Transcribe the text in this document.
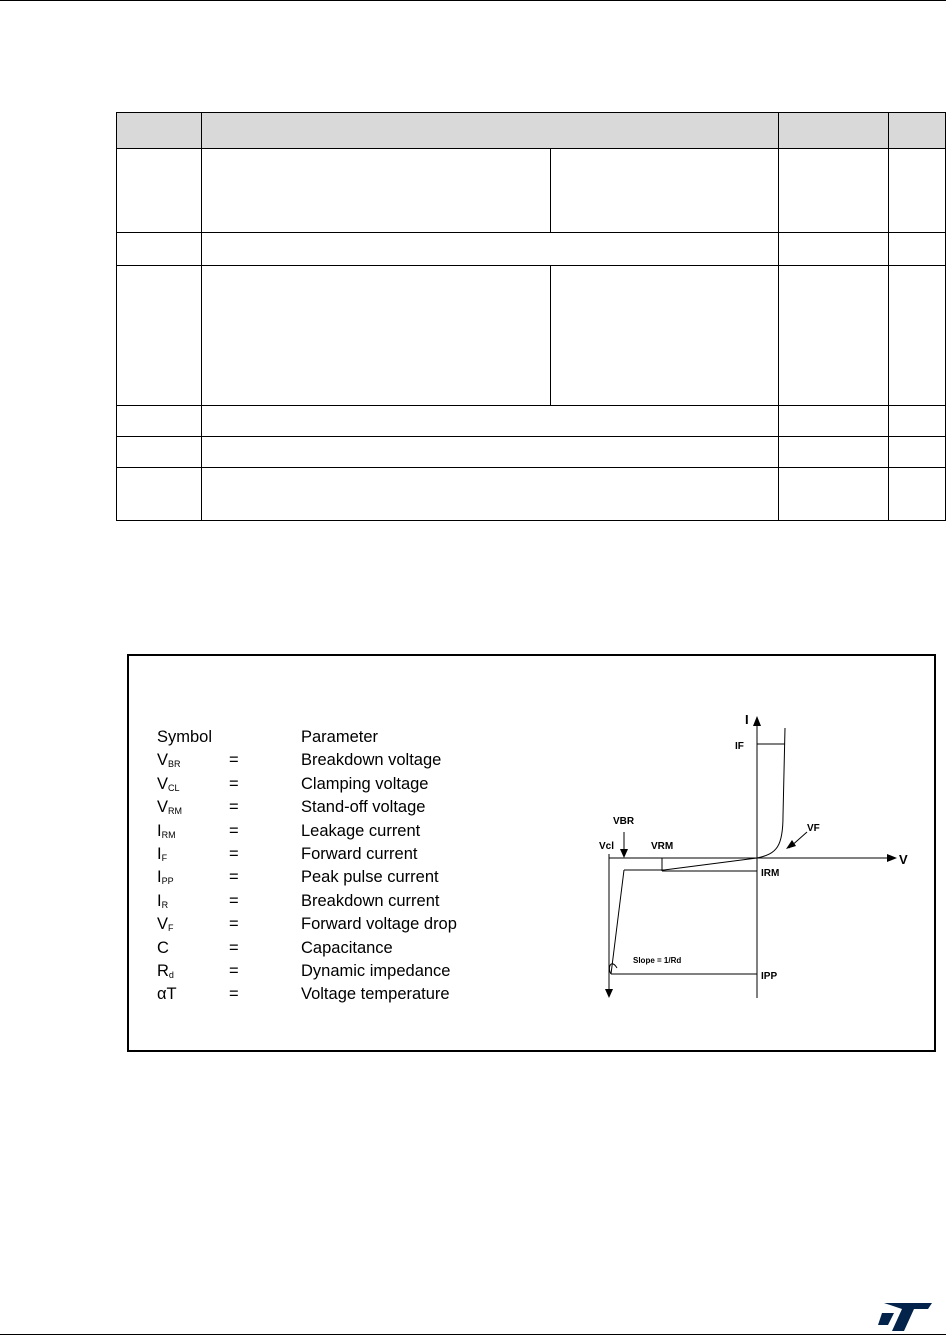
Symbol	Parameter
$V_{BR}$	=	Breakdown voltage
$V_{CL}$	=	Clamping voltage
$V_{RM}$	=	Stand-off voltage
$I_{RM}$	=	Leakage current
$I_F$	=	Forward current
$I_{PP}$	=	Peak pulse current
$I_R$	=	Breakdown current
$V_F$	=	Forward voltage drop
C	=	Capacitance
$R_d$	=	Dynamic impedance
αT	=	Voltage temperature
I
V
IF
VF
VBR
Vcl	VRM
IRM
IPP
Slope = 1/Rd
